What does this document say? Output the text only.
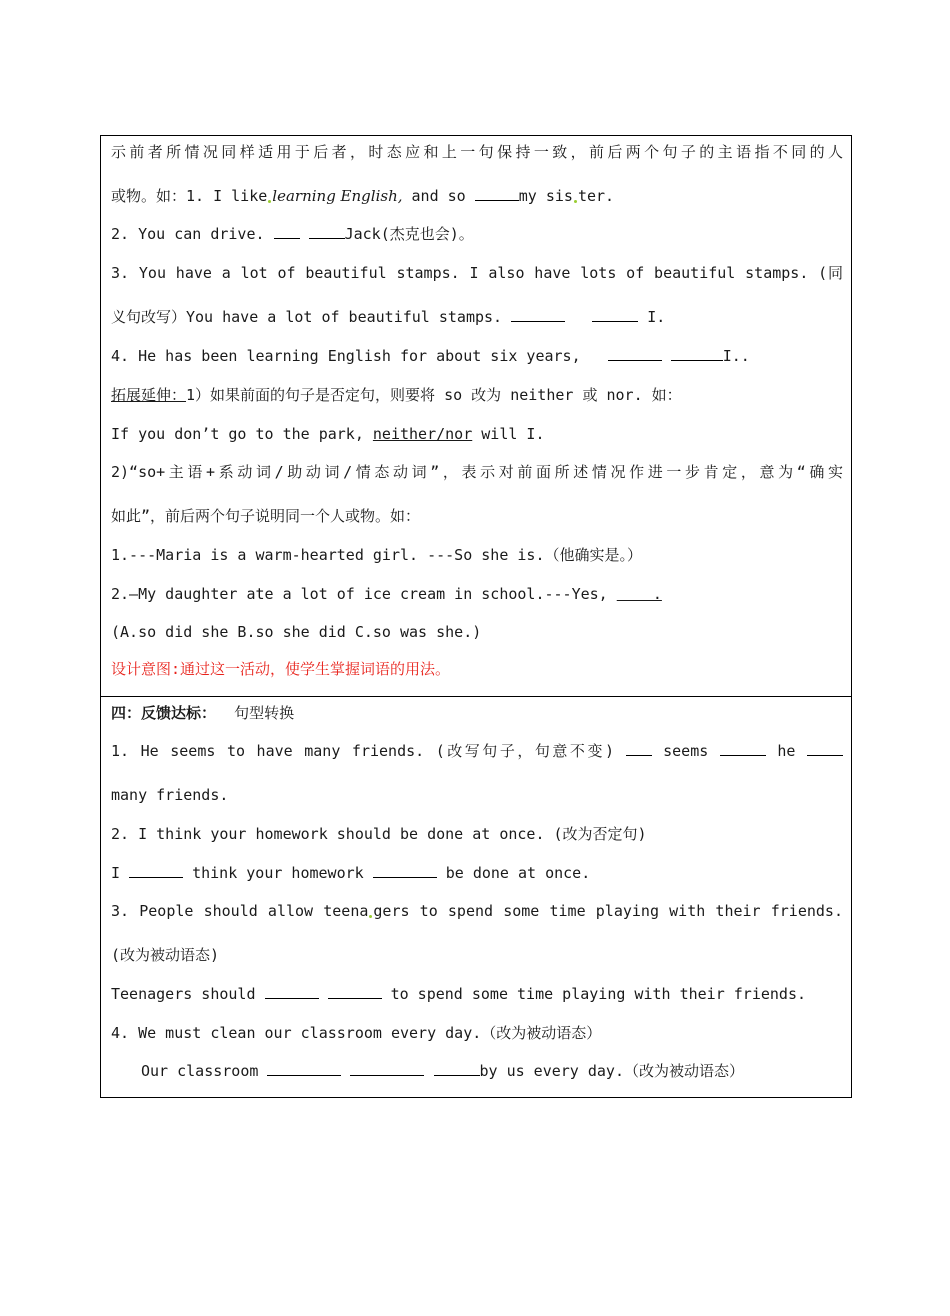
示前者所情况同样适用于后者，时态应和上一句保持一致，前后两个句子的主语指不同的人
或物。如：1. I like learning English, and so	my sis ter.
2. You can drive.	Jack(杰克也会)。
3. You have a lot of beautiful stamps. I also have lots of beautiful stamps. (同
义句改写）You have a lot of beautiful stamps.	I.
4. He has been learning English for about six years,	I..
拓展延伸：1）如果前面的句子是否定句，则要将 so 改为 neither 或 nor. 如：
If you don’t go to the park, neither/nor will I.
2)“so+主语+系动词/助动词/情态动词”，表示对前面所述情况作进一步肯定，意为“确实
如此”，前后两个句子说明同一个人或物。如：
1.---Maria is a warm-hearted girl. ---So she is.（他确实是。）
2.—My daughter ate a lot of ice cream in school.---Yes,     .
(A.so did she B.so she did C.so was she.)
设计意图:通过这一活动，使学生掌握词语的用法。
四：反馈达标： 句型转换
1. He seems to have many friends. (改写句子，句意不变)  seems	he
many friends.
2. I think your homework should be done at once. (改为否定句)
I	think your homework	be done at once.
3. People should allow teena gers to spend some time playing with their friends.
(改为被动语态)
Teenagers should	to spend some time playing with their friends.
4. We must clean our classroom every day.（改为被动语态）
Our classroom	by us every day.（改为被动语态）
